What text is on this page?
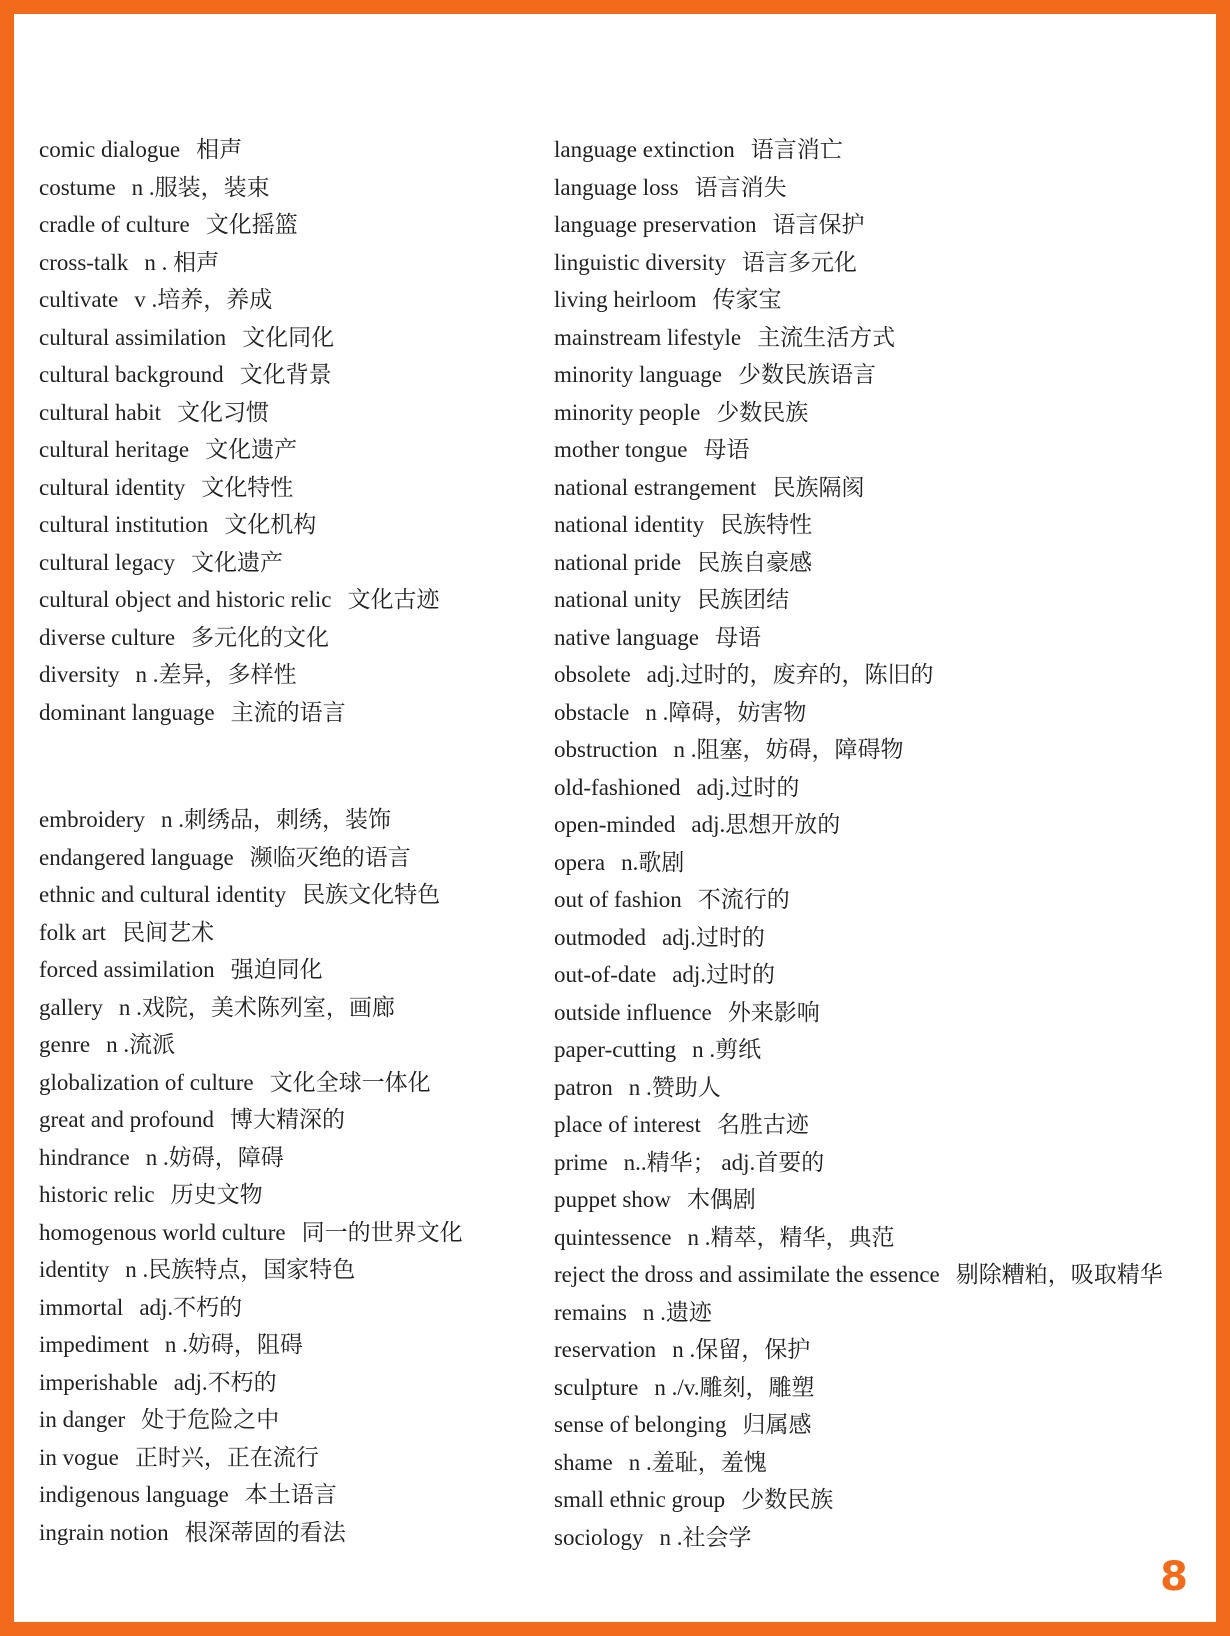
comic dialogue 相声
costume n .服装，装束
cradle of culture 文化摇篮
cross-talk n . 相声
cultivate v .培养，养成
cultural assimilation 文化同化
cultural background 文化背景
cultural habit 文化习惯
cultural heritage 文化遗产
cultural identity 文化特性
cultural institution 文化机构
cultural legacy 文化遗产
cultural object and historic relic 文化古迹
diverse culture 多元化的文化
diversity n .差异，多样性
dominant language 主流的语言
embroidery n .刺绣品，刺绣，装饰
endangered language 濒临灭绝的语言
ethnic and cultural identity 民族文化特色
folk art 民间艺术
forced assimilation 强迫同化
gallery n .戏院，美术陈列室，画廊
genre n .流派
globalization of culture 文化全球一体化
great and profound 博大精深的
hindrance n .妨碍，障碍
historic relic 历史文物
homogenous world culture 同一的世界文化
identity n .民族特点，国家特色
immortal adj.不朽的
impediment n .妨碍，阻碍
imperishable adj.不朽的
in danger 处于危险之中
in vogue 正时兴，正在流行
indigenous language 本土语言
ingrain notion 根深蒂固的看法
language extinction 语言消亡
language loss 语言消失
language preservation 语言保护
linguistic diversity 语言多元化
living heirloom 传家宝
mainstream lifestyle 主流生活方式
minority language 少数民族语言
minority people 少数民族
mother tongue 母语
national estrangement 民族隔阂
national identity 民族特性
national pride 民族自豪感
national unity 民族团结
native language 母语
obsolete adj.过时的，废弃的，陈旧的
obstacle n .障碍，妨害物
obstruction n .阻塞，妨碍，障碍物
old-fashioned adj.过时的
open-minded adj.思想开放的
opera n.歌剧
out of fashion 不流行的
outmoded adj.过时的
out-of-date adj.过时的
outside influence 外来影响
paper-cutting n .剪纸
patron n .赞助人
place of interest 名胜古迹
prime n..精华； adj.首要的
puppet show 木偶剧
quintessence n .精萃，精华，典范
reject the dross and assimilate the essence 剔除糟粕，吸取精华
remains n .遗迹
reservation n .保留，保护
sculpture n ./v.雕刻，雕塑
sense of belonging 归属感
shame n .羞耻，羞愧
small ethnic group 少数民族
sociology n .社会学
8
